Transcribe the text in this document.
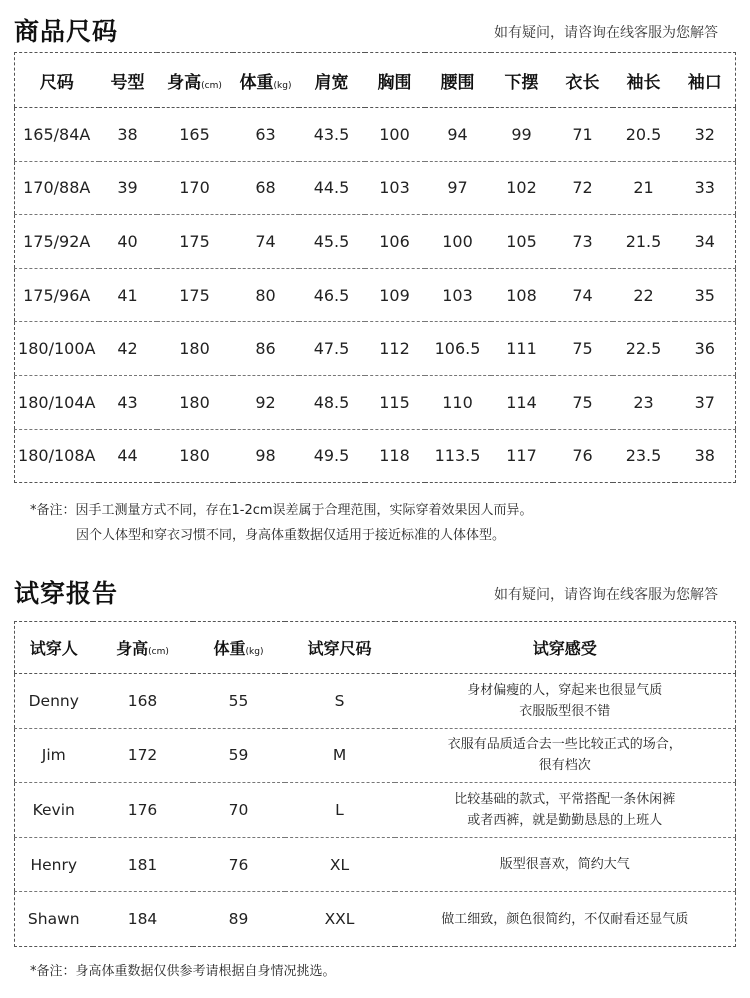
商品尺码	如有疑问，请咨询在线客服为您解答
尺码	号型	身高(cm)	体重(kg)	肩宽	胸围	腰围	下摆	衣长	袖长	袖口
165/84A	38	165	63	43.5	100	94	99	71	20.5	32
170/88A	39	170	68	44.5	103	97	102	72	21	33
175/92A	40	175	74	45.5	106	100	105	73	21.5	34
175/96A	41	175	80	46.5	109	103	108	74	22	35
180/100A	42	180	86	47.5	112	106.5	111	75	22.5	36
180/104A	43	180	92	48.5	115	110	114	75	23	37
180/108A	44	180	98	49.5	118	113.5	117	76	23.5	38
*备注：因手工测量方式不同，存在1-2cm误差属于合理范围，实际穿着效果因人而异。
因个人体型和穿衣习惯不同，身高体重数据仅适用于接近标准的人体体型。
试穿报告	如有疑问，请咨询在线客服为您解答
试穿人	身高(cm)	体重(kg)	试穿尺码	试穿感受
Denny	168	55	S	身材偏瘦的人，穿起来也很显气质
衣服版型很不错

Jim	172	59	M	衣服有品质适合去一些比较正式的场合，
很有档次

Kevin	176	70	L	比较基础的款式，平常搭配一条休闲裤
或者西裤，就是勤勤恳恳的上班人

Henry	181	76	XL	版型很喜欢，简约大气

Shawn	184	89	XXL	做工细致，颜色很简约，不仅耐看还显气质
*备注：身高体重数据仅供参考请根据自身情况挑选。
